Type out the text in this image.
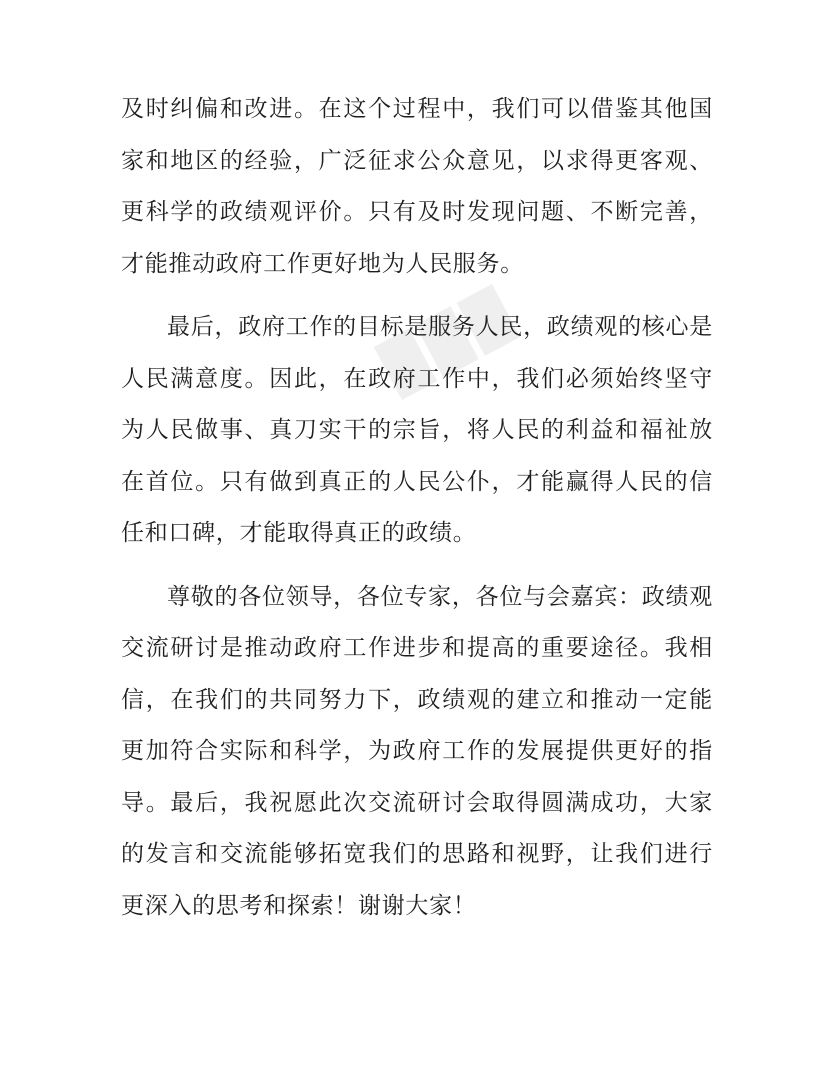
及时纠偏和改进。在这个过程中，我们可以借鉴其他国家和地区的经验，广泛征求公众意见，以求得更客观、更科学的政绩观评价。只有及时发现问题、不断完善，才能推动政府工作更好地为人民服务。

最后，政府工作的目标是服务人民，政绩观的核心是人民满意度。因此，在政府工作中，我们必须始终坚守为人民做事、真刀实干的宗旨，将人民的利益和福祉放在首位。只有做到真正的人民公仆，才能赢得人民的信任和口碑，才能取得真正的政绩。

尊敬的各位领导，各位专家，各位与会嘉宾：政绩观交流研讨是推动政府工作进步和提高的重要途径。我相信，在我们的共同努力下，政绩观的建立和推动一定能更加符合实际和科学，为政府工作的发展提供更好的指导。最后，我祝愿此次交流研讨会取得圆满成功，大家的发言和交流能够拓宽我们的思路和视野，让我们进行更深入的思考和探索！谢谢大家！
